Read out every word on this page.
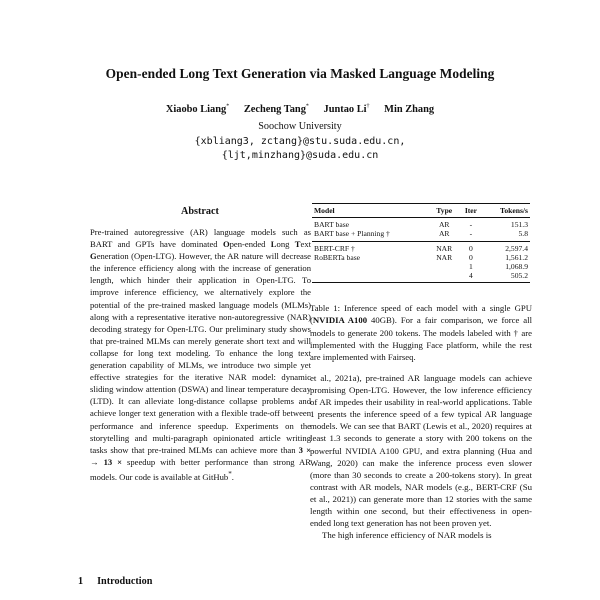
Open-ended Long Text Generation via Masked Language Modeling
Xiaobo Liang* Zecheng Tang* Juntao Li† Min Zhang
Soochow University
{xbliang3, zctang}@stu.suda.edu.cn,
{ljt,minzhang}@suda.edu.cn
Abstract
Pre-trained autoregressive (AR) language models such as BART and GPTs have dominated Open-ended Long Text Generation (Open-LTG). However, the AR nature will decrease the inference efficiency along with the increase of generation length, which hinder their application in Open-LTG. To improve inference efficiency, we alternatively explore the potential of the pre-trained masked language models (MLMs) along with a representative iterative non-autoregressive (NAR) decoding strategy for Open-LTG. Our preliminary study shows that pre-trained MLMs can merely generate short text and will collapse for long text modeling. To enhance the long text generation capability of MLMs, we introduce two simple yet effective strategies for the iterative NAR model: dynamic sliding window attention (DSWA) and linear temperature decay (LTD). It can alleviate long-distance collapse problems and achieve longer text generation with a flexible trade-off between performance and inference speedup. Experiments on the storytelling and multi-paragraph opinionated article writing tasks show that pre-trained MLMs can achieve more than 3 × → 13 × speedup with better performance than strong AR models. Our code is available at GitHub*.
1 Introduction
Model	Type	Iter	Tokens/s
BART base	AR	-	151.3
BART base + Planning †	AR	-	5.8
BERT-CRF †	NAR	0	2,597.4
RoBERTa base	NAR	0	1,561.2
		1	1,068.9
		4	505.2
Table 1: Inference speed of each model with a single GPU (NVIDIA A100 40GB). For a fair comparison, we force all models to generate 200 tokens. The models labeled with † are implemented with the Hugging Face platform, while the rest are implemented with Fairseq.
et al., 2021a), pre-trained AR language models can achieve promising Open-LTG. However, the low inference efficiency of AR impedes their usability in real-world applications. Table 1 presents the inference speed of a few typical AR language models. We can see that BART (Lewis et al., 2020) requires at least 1.3 seconds to generate a story with 200 tokens on the powerful NVIDIA A100 GPU, and extra planning (Hua and Wang, 2020) can make the inference process even slower (more than 30 seconds to create a 200-tokens story). In great contrast with AR models, NAR models (e.g., BERT-CRF (Su et al., 2021)) can generate more than 12 stories with the same length within one second, but their effectiveness in open-ended long text generation has not been proven yet.
The high inference efficiency of NAR models is
